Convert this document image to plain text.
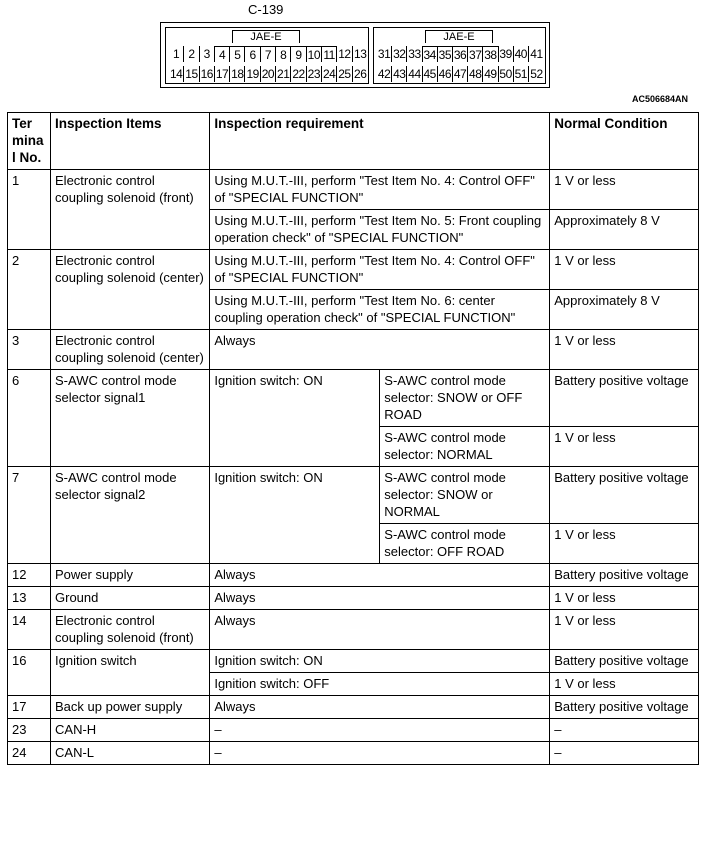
C-139
JAE-E
1 2 3 4 5 6 7 8 9 10 11 12 13
14 15 16 17 18 19 20 21 22 23 24 25 26
JAE-E
31 32 33 34 35 36 37 38 39 40 41
42 43 44 45 46 47 48 49 50 51 52
AC506684AN
Ter mina l No.	Inspection Items	Inspection requirement		Normal Condition
1	Electronic control coupling solenoid (front)	Using M.U.T.-III, perform "Test Item No. 4: Control OFF" of "SPECIAL FUNCTION"		1 V or less
		Using M.U.T.-III, perform "Test Item No. 5: Front coupling operation check" of "SPECIAL FUNCTION"		Approximately 8 V
2	Electronic control coupling solenoid (center)	Using M.U.T.-III, perform "Test Item No. 4: Control OFF" of "SPECIAL FUNCTION"		1 V or less
		Using M.U.T.-III, perform "Test Item No. 6: center coupling operation check" of "SPECIAL FUNCTION"		Approximately 8 V
3	Electronic control coupling solenoid (center)	Always		1 V or less
6	S-AWC control mode selector signal1	Ignition switch: ON	S-AWC control mode selector: SNOW or OFF ROAD	Battery positive voltage
			S-AWC control mode selector: NORMAL	1 V or less
7	S-AWC control mode selector signal2	Ignition switch: ON	S-AWC control mode selector: SNOW or NORMAL	Battery positive voltage
			S-AWC control mode selector: OFF ROAD	1 V or less
12	Power supply	Always		Battery positive voltage
13	Ground	Always		1 V or less
14	Electronic control coupling solenoid (front)	Always		1 V or less
16	Ignition switch	Ignition switch: ON		Battery positive voltage
		Ignition switch: OFF		1 V or less
17	Back up power supply	Always		Battery positive voltage
23	CAN-H	–		–
24	CAN-L	–		–
